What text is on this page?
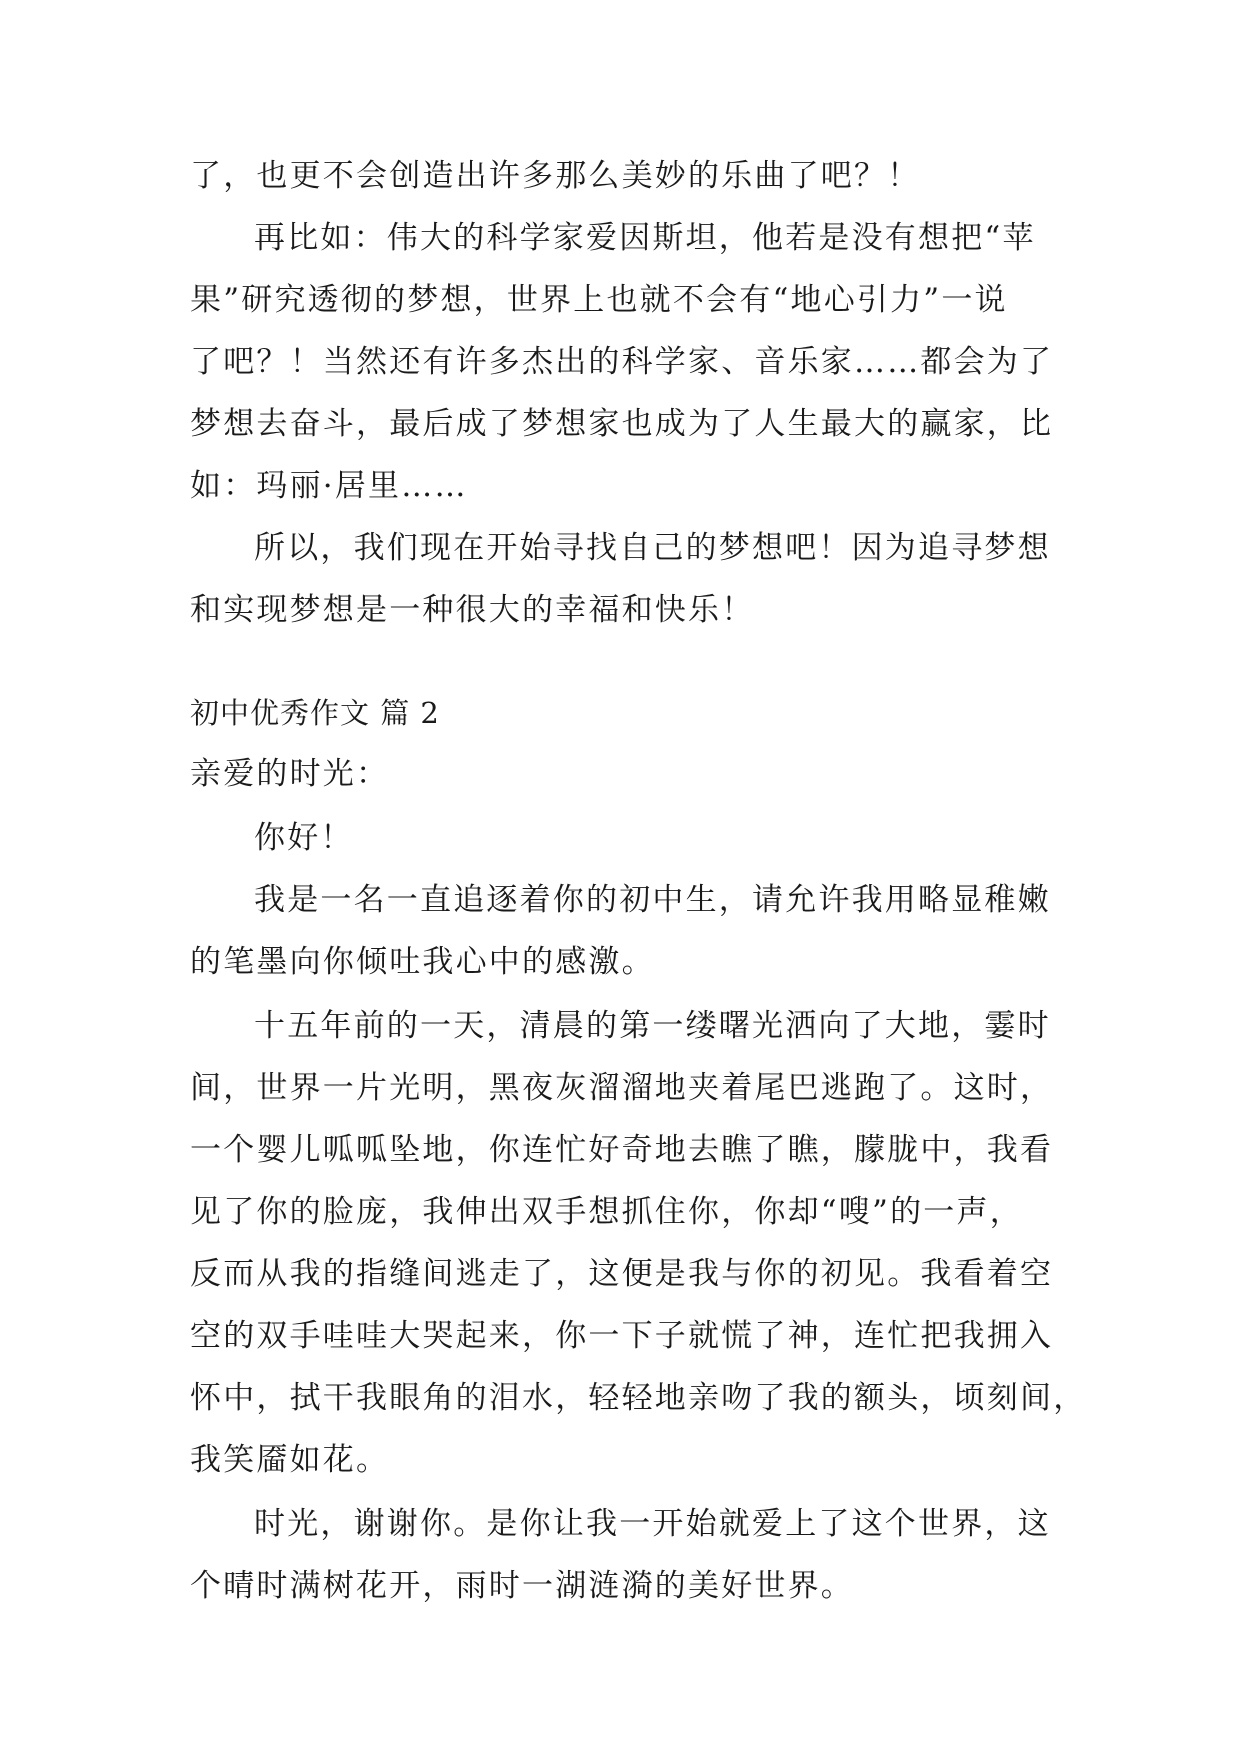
了，也更不会创造出许多那么美妙的乐曲了吧？！
再比如：伟大的科学家爱因斯坦，他若是没有想把“苹
果”研究透彻的梦想，世界上也就不会有“地心引力”一说
了吧？！当然还有许多杰出的科学家、音乐家……都会为了
梦想去奋斗，最后成了梦想家也成为了人生最大的赢家，比
如：玛丽·居里……
所以，我们现在开始寻找自己的梦想吧！因为追寻梦想
和实现梦想是一种很大的幸福和快乐！
初中优秀作文 篇 2
亲爱的时光：
你好！
我是一名一直追逐着你的初中生，请允许我用略显稚嫩
的笔墨向你倾吐我心中的感激。
十五年前的一天，清晨的第一缕曙光洒向了大地，霎时
间，世界一片光明，黑夜灰溜溜地夹着尾巴逃跑了。这时，
一个婴儿呱呱坠地，你连忙好奇地去瞧了瞧，朦胧中，我看
见了你的脸庞，我伸出双手想抓住你，你却“嗖”的一声，
反而从我的指缝间逃走了，这便是我与你的初见。我看着空
空的双手哇哇大哭起来，你一下子就慌了神，连忙把我拥入
怀中，拭干我眼角的泪水，轻轻地亲吻了我的额头，顷刻间，
我笑靥如花。
时光，谢谢你。是你让我一开始就爱上了这个世界，这
个晴时满树花开，雨时一湖涟漪的美好世界。
